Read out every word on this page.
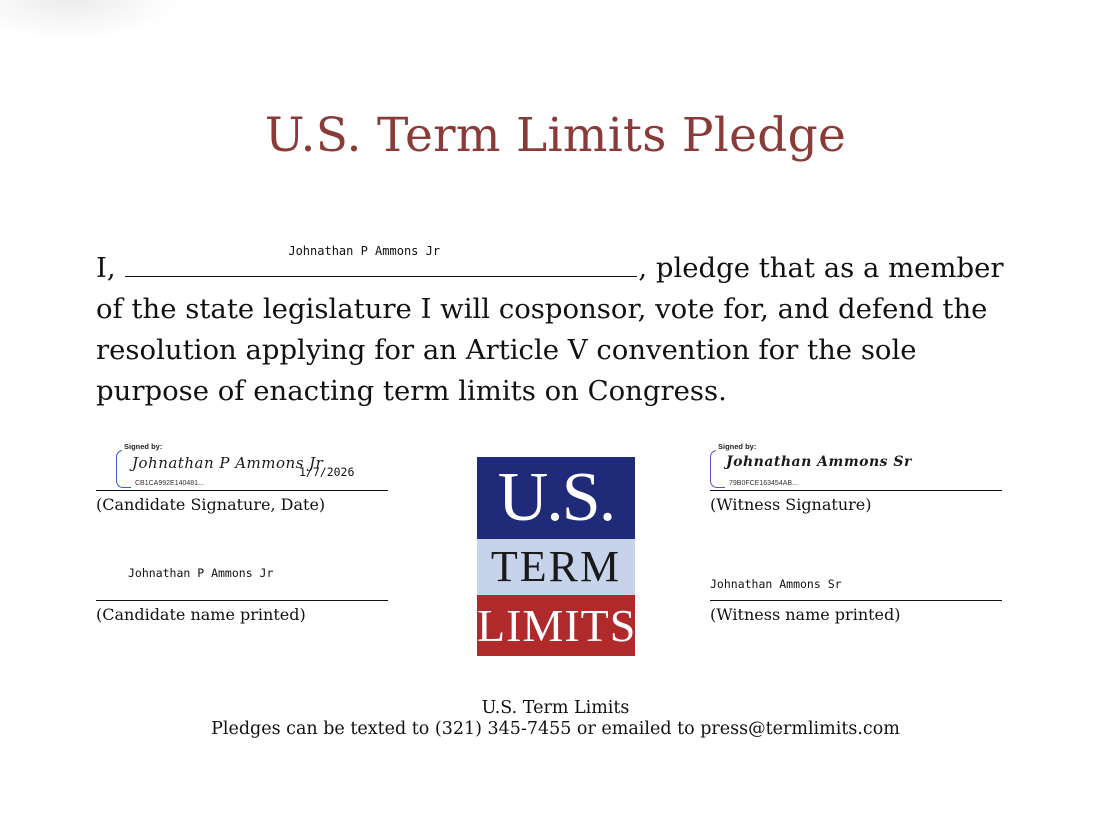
U.S. Term Limits Pledge
I,
Johnathan P Ammons Jr
, pledge that as a member
of the state legislature I will cosponsor, vote for, and defend the
resolution applying for an Article V convention for the sole
purpose of enacting term limits on Congress.
Signed by:
Johnathan P Ammons Jr
CB1CA992E140481...
1/7/2026
(Candidate Signature, Date)
Johnathan P Ammons Jr
(Candidate name printed)
U.S.
TERM
LIMITS
Signed by:
Johnathan Ammons Sr
79B0FCE163454AB...
(Witness Signature)
Johnathan Ammons Sr
(Witness name printed)
U.S. Term Limits
Pledges can be texted to (321) 345-7455 or emailed to press@termlimits.com
